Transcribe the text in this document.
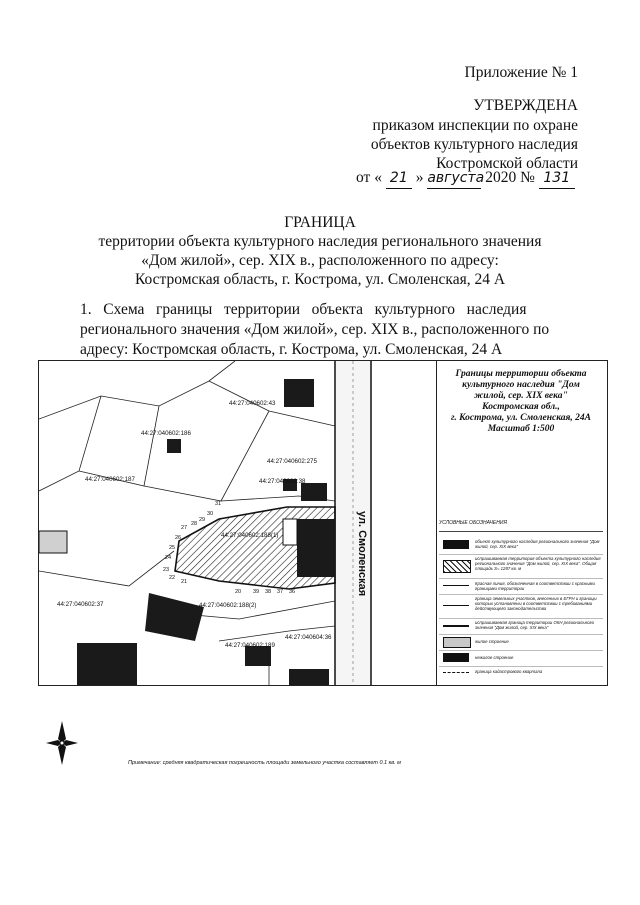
Приложение № 1
УТВЕРЖДЕНА
приказом инспекции по охране
объектов культурного наследия
Костромской области
от « 21 » августа 2020 № 131
ГРАНИЦА
территории объекта культурного наследия регионального значения
«Дом жилой», сер. XIX в., расположенного по адресу:
Костромская область, г. Кострома, ул. Смоленская, 24 А
1.   Схема   границы   территории   объекта   культурного   наследия
регионального значения «Дом жилой», сер. XIX в., расположенного по
адресу: Костромская область, г. Кострома, ул. Смоленская, 24 А
44:27:040602:43
44:27:040602:186
44:27:040602:275
44:27:040602:38
44:27:040602:187
44:27:040602:188(1)
44:27:040602:37	44:27:040602:188(2)
44:27:040602:189
44:27:040604:36
31
30
29
28
27
26
25
24
23
22
21
20 39 38 37 36	ул. Смоленская
Границы территории объекта
культурного наследия "Дом
жилой, сер. XIX века"
Костромская обл.,
г. Кострома, ул. Смоленская, 24А
Масштаб 1:500
УСЛОВНЫЕ ОБОЗНАЧЕНИЯ
объект культурного наследия регионального значения "Дом жилой, сер. XIX века"
испрашиваемая территория объекта культурного наследия регионального значения "Дом жилой, сер. XIX века". Общая площадь S= 1287 кв. м
Красная линия, обозначенная в соответствии с красными границами территории
граница земельных участков, внесенных в ЕГРН и границы которых установлены в соответствии с требованиями действующего законодательства
испрашиваемая граница территории ОКН регионального значения "Дом жилой, сер. XIX века"
жилое строение
нежилое строение
граница кадастрового квартала
Примечание: средняя квадратическая погрешность площади земельного участка составляет 0.1 кв. м
